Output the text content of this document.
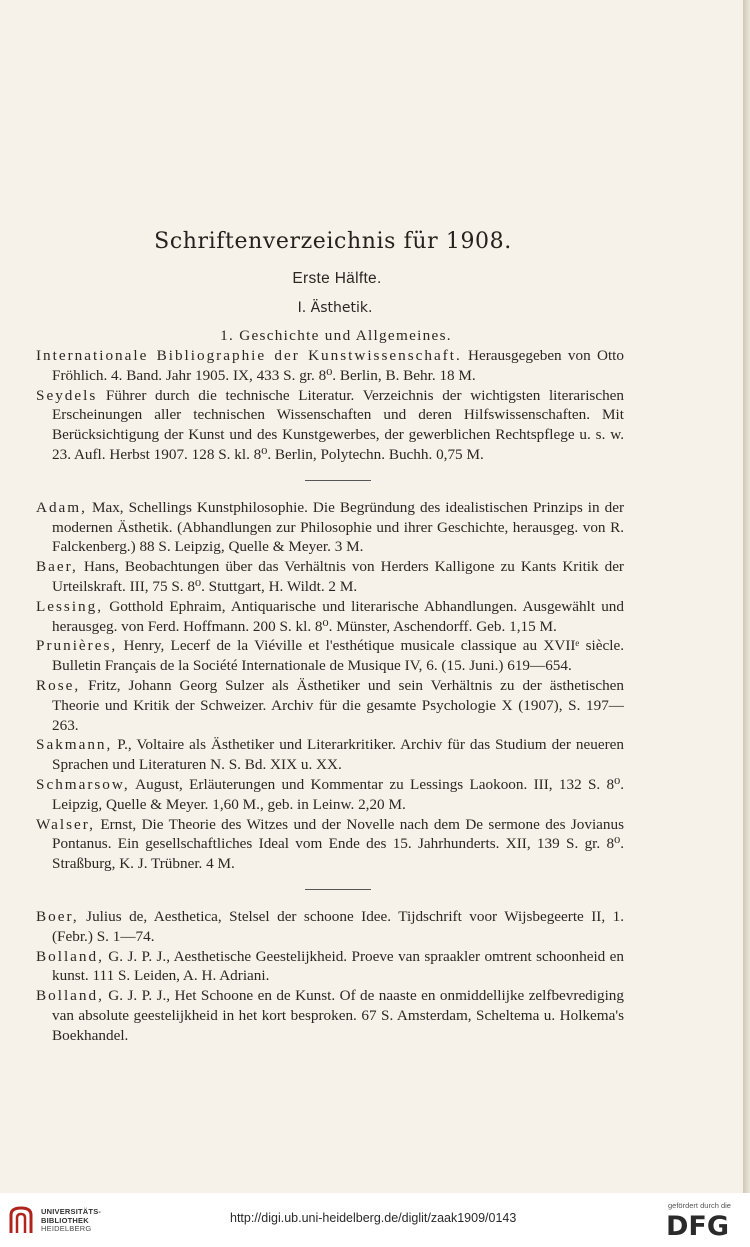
Schriftenverzeichnis für 1908.
Erste Hälfte.
I. Ästhetik.
1. Geschichte und Allgemeines.

Internationale Bibliographie der Kunstwissenschaft. Herausgegeben von Otto Fröhlich. 4. Band. Jahr 1905. IX, 433 S. gr. 8⁰. Berlin, B. Behr. 18 M.

Seydels Führer durch die technische Literatur. Verzeichnis der wichtigsten literarischen Erscheinungen aller technischen Wissenschaften und deren Hilfswissenschaften. Mit Berücksichtigung der Kunst und des Kunstgewerbes, der gewerblichen Rechtspflege u. s. w. 23. Aufl. Herbst 1907. 128 S. kl. 8⁰. Berlin, Polytechn. Buchh. 0,75 M.

Adam, Max, Schellings Kunstphilosophie. Die Begründung des idealistischen Prinzips in der modernen Ästhetik. (Abhandlungen zur Philosophie und ihrer Geschichte, herausgeg. von R. Falckenberg.) 88 S. Leipzig, Quelle & Meyer. 3 M.

Baer, Hans, Beobachtungen über das Verhältnis von Herders Kalligone zu Kants Kritik der Urteilskraft. III, 75 S. 8⁰. Stuttgart, H. Wildt. 2 M.

Lessing, Gotthold Ephraim, Antiquarische und literarische Abhandlungen. Ausgewählt und herausgeg. von Ferd. Hoffmann. 200 S. kl. 8⁰. Münster, Aschendorff. Geb. 1,15 M.

Prunières, Henry, Lecerf de la Viéville et l'esthétique musicale classique au XVIIᵉ siècle. Bulletin Français de la Société Internationale de Musique IV, 6. (15. Juni.) 619—654.

Rose, Fritz, Johann Georg Sulzer als Ästhetiker und sein Verhältnis zu der ästhetischen Theorie und Kritik der Schweizer. Archiv für die gesamte Psychologie X (1907), S. 197—263.

Sakmann, P., Voltaire als Ästhetiker und Literarkritiker. Archiv für das Studium der neueren Sprachen und Literaturen N. S. Bd. XIX u. XX.

Schmarsow, August, Erläuterungen und Kommentar zu Lessings Laokoon. III, 132 S. 8⁰. Leipzig, Quelle & Meyer. 1,60 M., geb. in Leinw. 2,20 M.

Walser, Ernst, Die Theorie des Witzes und der Novelle nach dem De sermone des Jovianus Pontanus. Ein gesellschaftliches Ideal vom Ende des 15. Jahrhunderts. XII, 139 S. gr. 8⁰. Straßburg, K. J. Trübner. 4 M.

Boer, Julius de, Aesthetica, Stelsel der schoone Idee. Tijdschrift voor Wijsbegeerte II, 1. (Febr.) S. 1—74.

Bolland, G. J. P. J., Aesthetische Geestelijkheid. Proeve van spraakler omtrent schoonheid en kunst. 111 S. Leiden, A. H. Adriani.

Bolland, G. J. P. J., Het Schoone en de Kunst. Of de naaste en onmiddellijke zelfbevrediging van absolute geestelijkheid in het kort besproken. 67 S. Amsterdam, Scheltema u. Holkema's Boekhandel.

UNIVERSITÄTS-
BIBLIOTHEK
HEIDELBERG
http://digi.ub.uni-heidelberg.de/diglit/zaak1909/0143
gefördert durch die
DFG
